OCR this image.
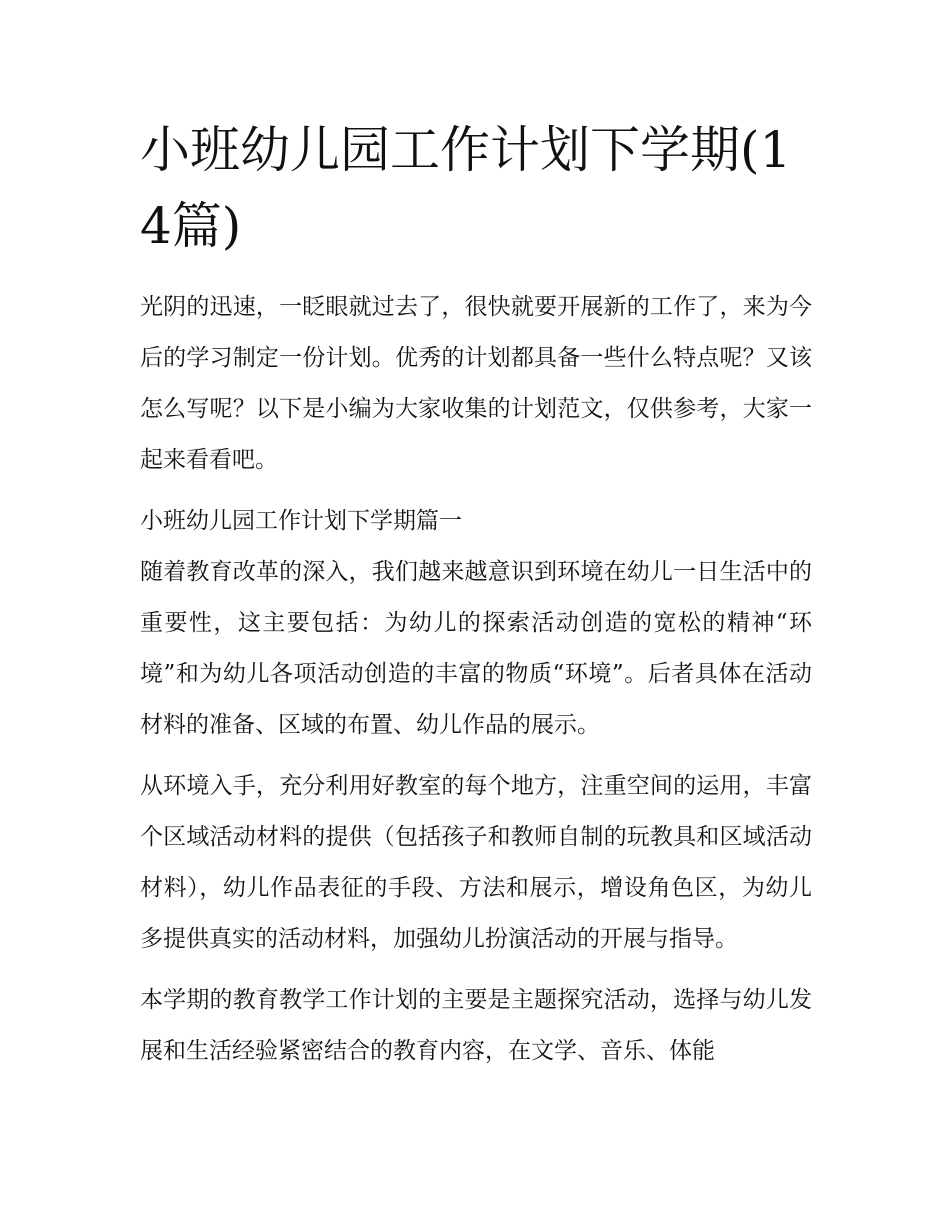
小班幼儿园工作计划下学期(14篇)

光阴的迅速，一眨眼就过去了，很快就要开展新的工作了，来为今后的学习制定一份计划。优秀的计划都具备一些什么特点呢？又该怎么写呢？以下是小编为大家收集的计划范文，仅供参考，大家一起来看看吧。

小班幼儿园工作计划下学期篇一

随着教育改革的深入，我们越来越意识到环境在幼儿一日生活中的重要性，这主要包括：为幼儿的探索活动创造的宽松的精神“环境”和为幼儿各项活动创造的丰富的物质“环境”。后者具体在活动材料的准备、区域的布置、幼儿作品的展示。

从环境入手，充分利用好教室的每个地方，注重空间的运用，丰富个区域活动材料的提供（包括孩子和教师自制的玩教具和区域活动材料），幼儿作品表征的手段、方法和展示，增设角色区，为幼儿多提供真实的活动材料，加强幼儿扮演活动的开展与指导。

本学期的教育教学工作计划的主要是主题探究活动，选择与幼儿发展和生活经验紧密结合的教育内容，在文学、音乐、体能
